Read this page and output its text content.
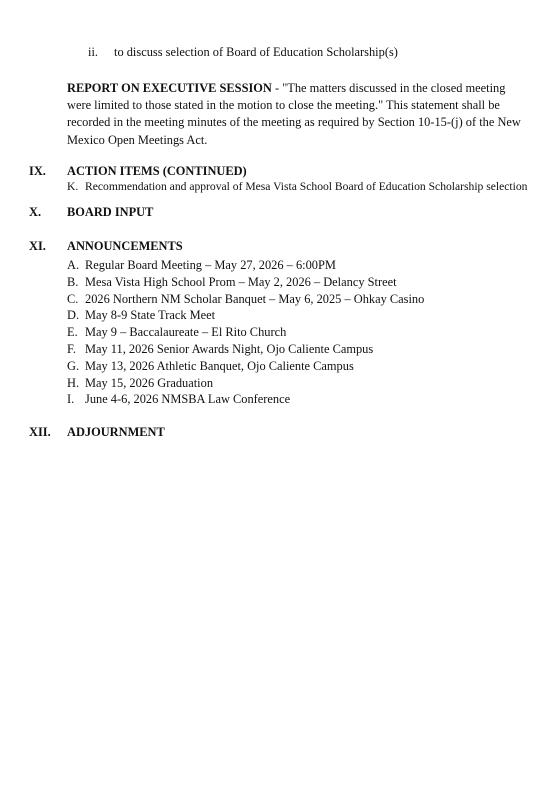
ii. to discuss selection of Board of Education Scholarship(s)
REPORT ON EXECUTIVE SESSION - "The matters discussed in the closed meeting were limited to those stated in the motion to close the meeting." This statement shall be recorded in the meeting minutes of the meeting as required by Section 10-15-(j) of the New Mexico Open Meetings Act.
IX. ACTION ITEMS (CONTINUED)
K. Recommendation and approval of Mesa Vista School Board of Education Scholarship selection
X. BOARD INPUT
XI. ANNOUNCEMENTS
A. Regular Board Meeting – May 27, 2026 – 6:00PM
B. Mesa Vista High School Prom – May 2, 2026 – Delancy Street
C. 2026 Northern NM Scholar Banquet – May 6, 2025 – Ohkay Casino
D. May 8-9 State Track Meet
E. May 9 – Baccalaureate – El Rito Church
F. May 11, 2026 Senior Awards Night, Ojo Caliente Campus
G. May 13, 2026 Athletic Banquet, Ojo Caliente Campus
H. May 15, 2026 Graduation
I. June 4-6, 2026 NMSBA Law Conference
XII. ADJOURNMENT
